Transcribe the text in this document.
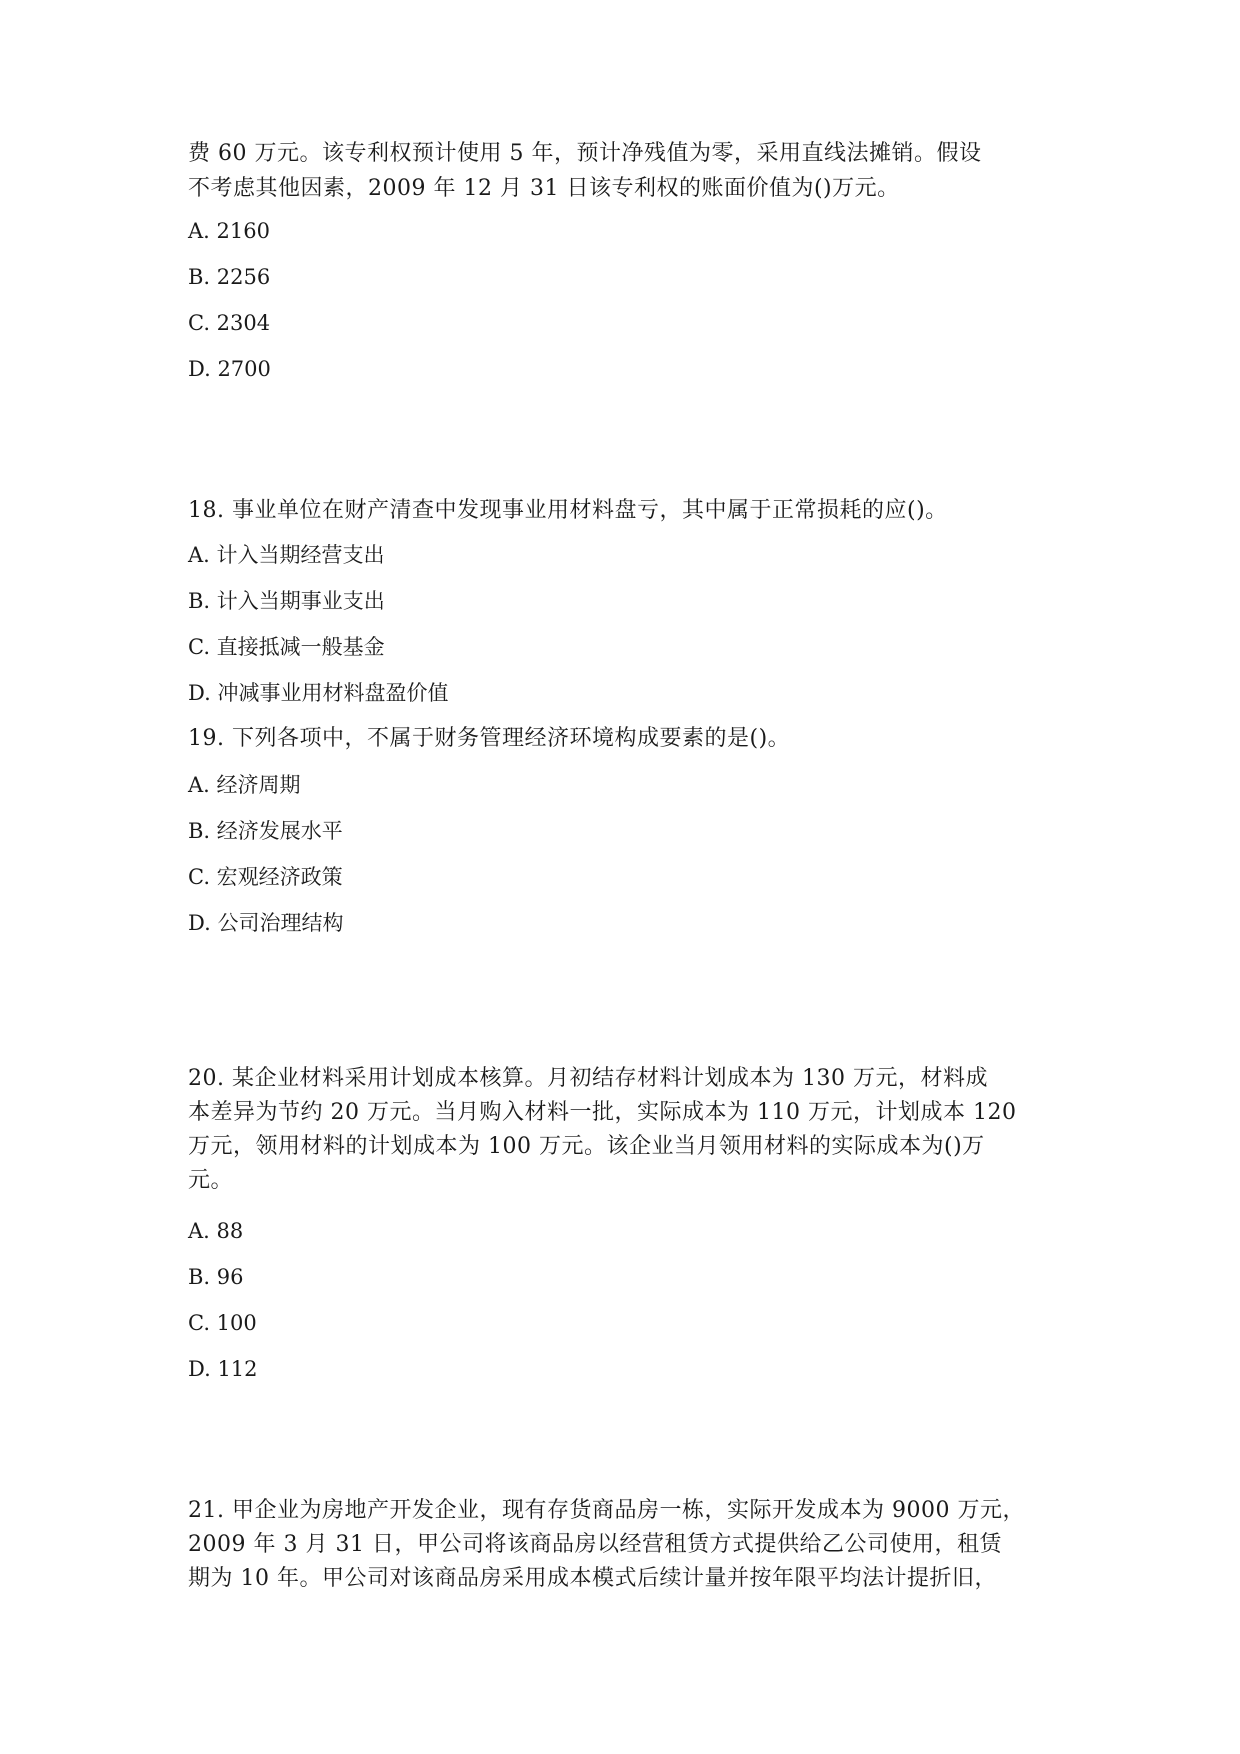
费 60 万元。该专利权预计使用 5 年，预计净残值为零，采用直线法摊销。假设
不考虑其他因素，2009 年 12 月 31 日该专利权的账面价值为()万元。
A. 2160
B. 2256
C. 2304
D. 2700
18. 事业单位在财产清查中发现事业用材料盘亏，其中属于正常损耗的应()。
A. 计入当期经营支出
B. 计入当期事业支出
C. 直接抵减一般基金
D. 冲减事业用材料盘盈价值
19. 下列各项中，不属于财务管理经济环境构成要素的是()。
A. 经济周期
B. 经济发展水平
C. 宏观经济政策
D. 公司治理结构
20. 某企业材料采用计划成本核算。月初结存材料计划成本为 130 万元，材料成
本差异为节约 20 万元。当月购入材料一批，实际成本为 110 万元，计划成本 120
万元，领用材料的计划成本为 100 万元。该企业当月领用材料的实际成本为()万
元。
A. 88
B. 96
C. 100
D. 112
21. 甲企业为房地产开发企业，现有存货商品房一栋，实际开发成本为 9000 万元，
2009 年 3 月 31 日，甲公司将该商品房以经营租赁方式提供给乙公司使用，租赁
期为 10 年。甲公司对该商品房采用成本模式后续计量并按年限平均法计提折旧，
